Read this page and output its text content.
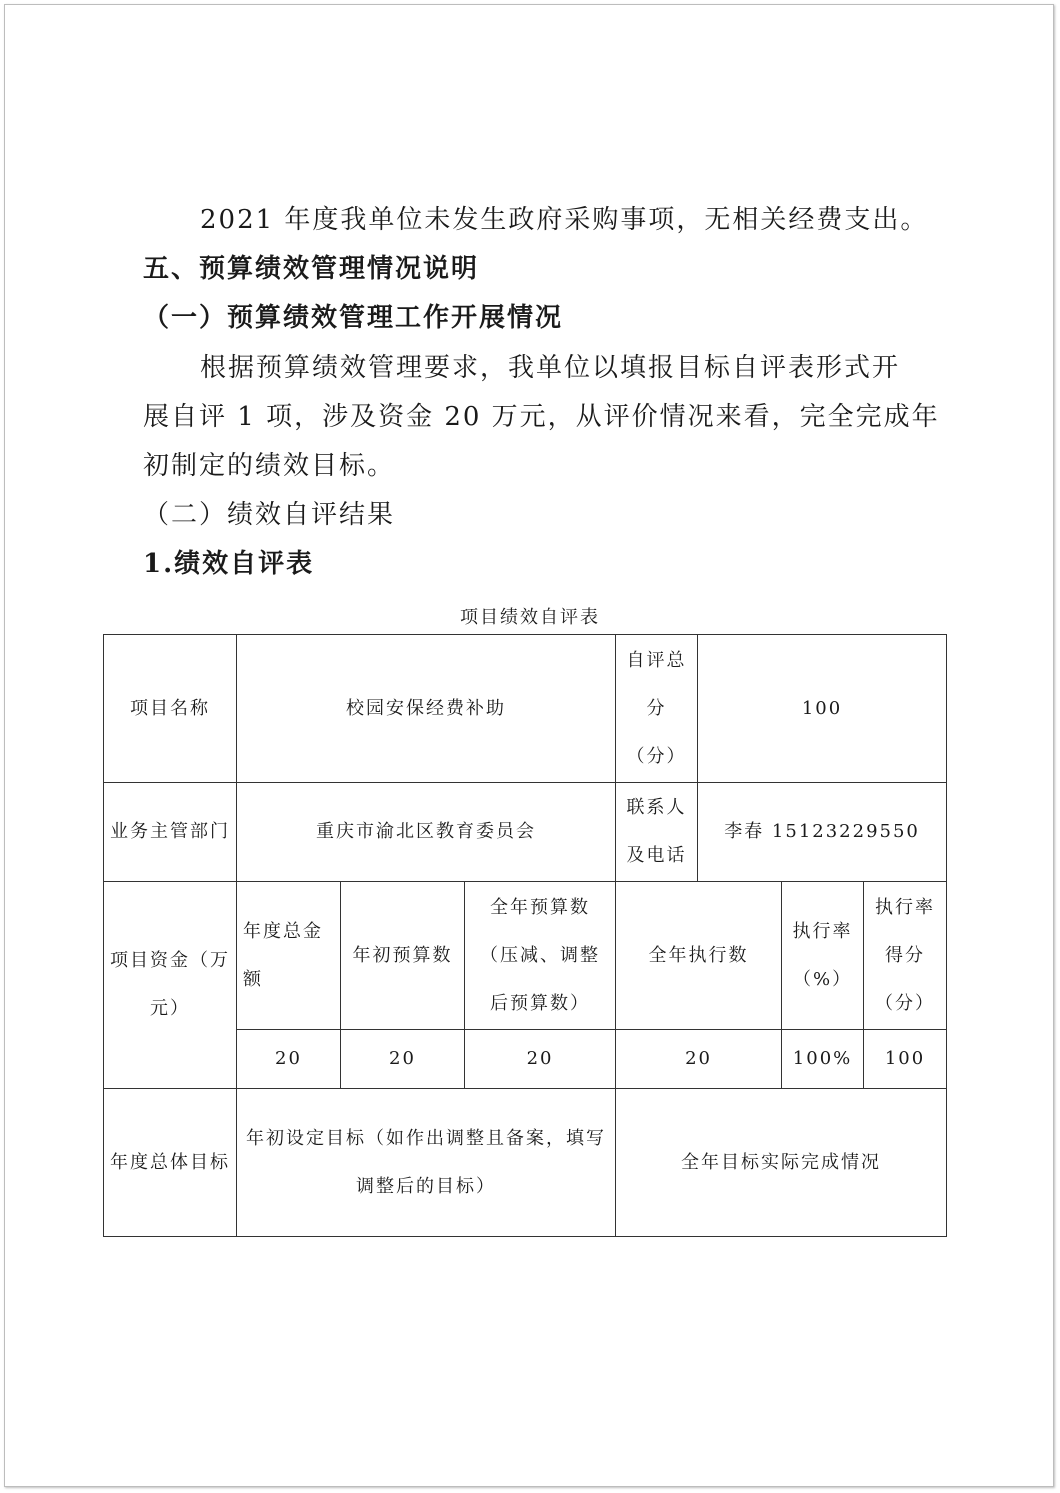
2021 年度我单位未发生政府采购事项，无相关经费支出。
五、预算绩效管理情况说明
（一）预算绩效管理工作开展情况
根据预算绩效管理要求，我单位以填报目标自评表形式开
展自评 1 项，涉及资金 20 万元，从评价情况来看，完全完成年
初制定的绩效目标。
（二）绩效自评结果
1.绩效自评表
项目绩效自评表
项目名称	校园安保经费补助			自评总分（分）	100		
业务主管部门	重庆市渝北区教育委员会			联系人及电话	李春 15123229550		
项目资金（万元）	年度总金额	年初预算数	全年预算数（压减、调整后预算数）	全年执行数		执行率（%）	执行率得分（分）
	20	20	20	20		100%	100
年度总体目标	年初设定目标（如作出调整且备案，填写调整后的目标）			全年目标实际完成情况			
